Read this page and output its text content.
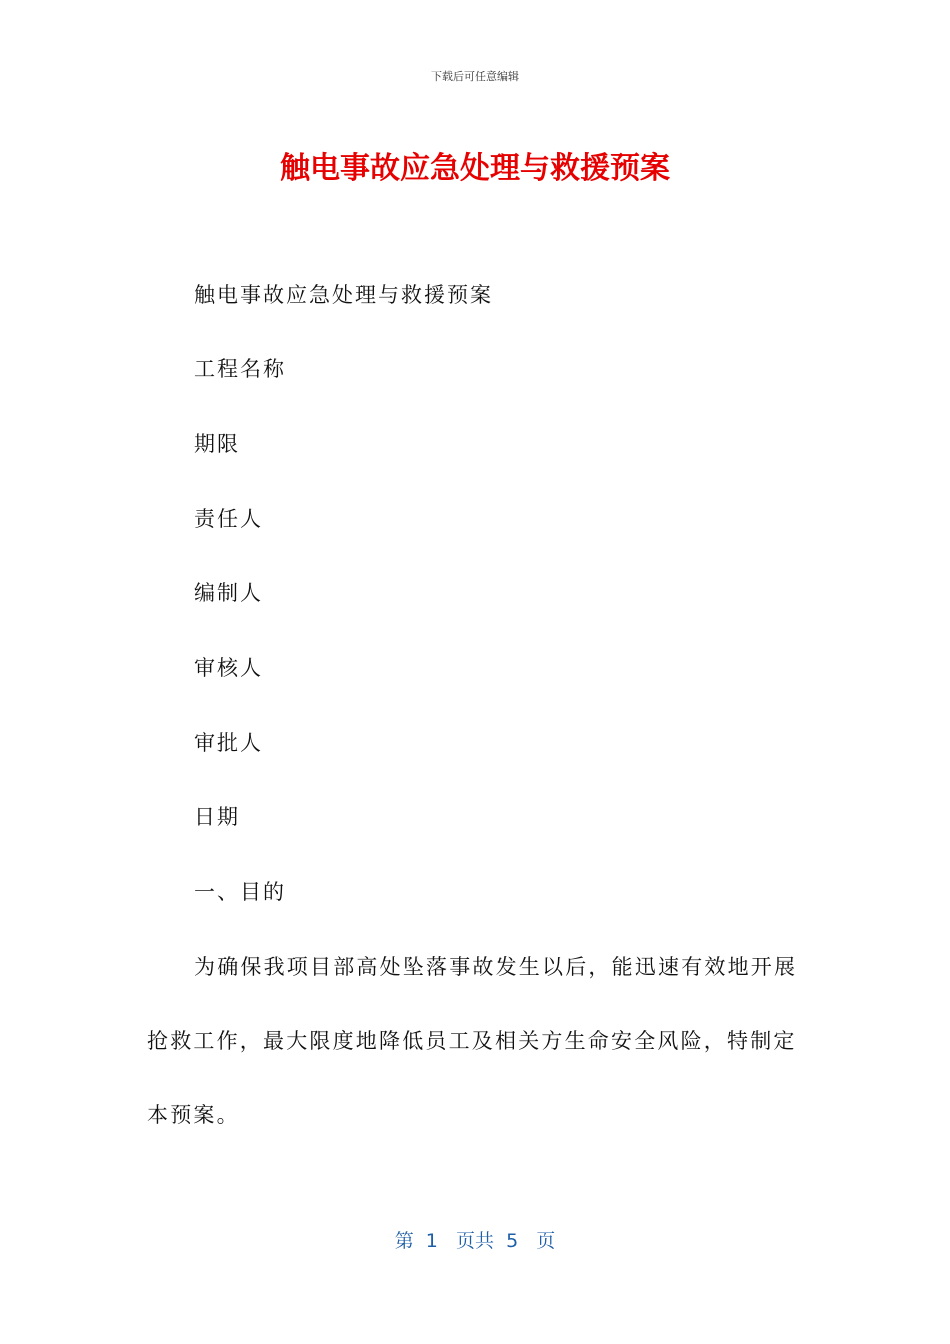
下载后可任意编辑
触电事故应急处理与救援预案
触电事故应急处理与救援预案
工程名称
期限
责任人
编制人
审核人
审批人
日期
一、目的

为确保我项目部高处坠落事故发生以后，能迅速有效地开展抢救工作，最大限度地降低员工及相关方生命安全风险，特制定本预案。

第  1   页共  5   页
